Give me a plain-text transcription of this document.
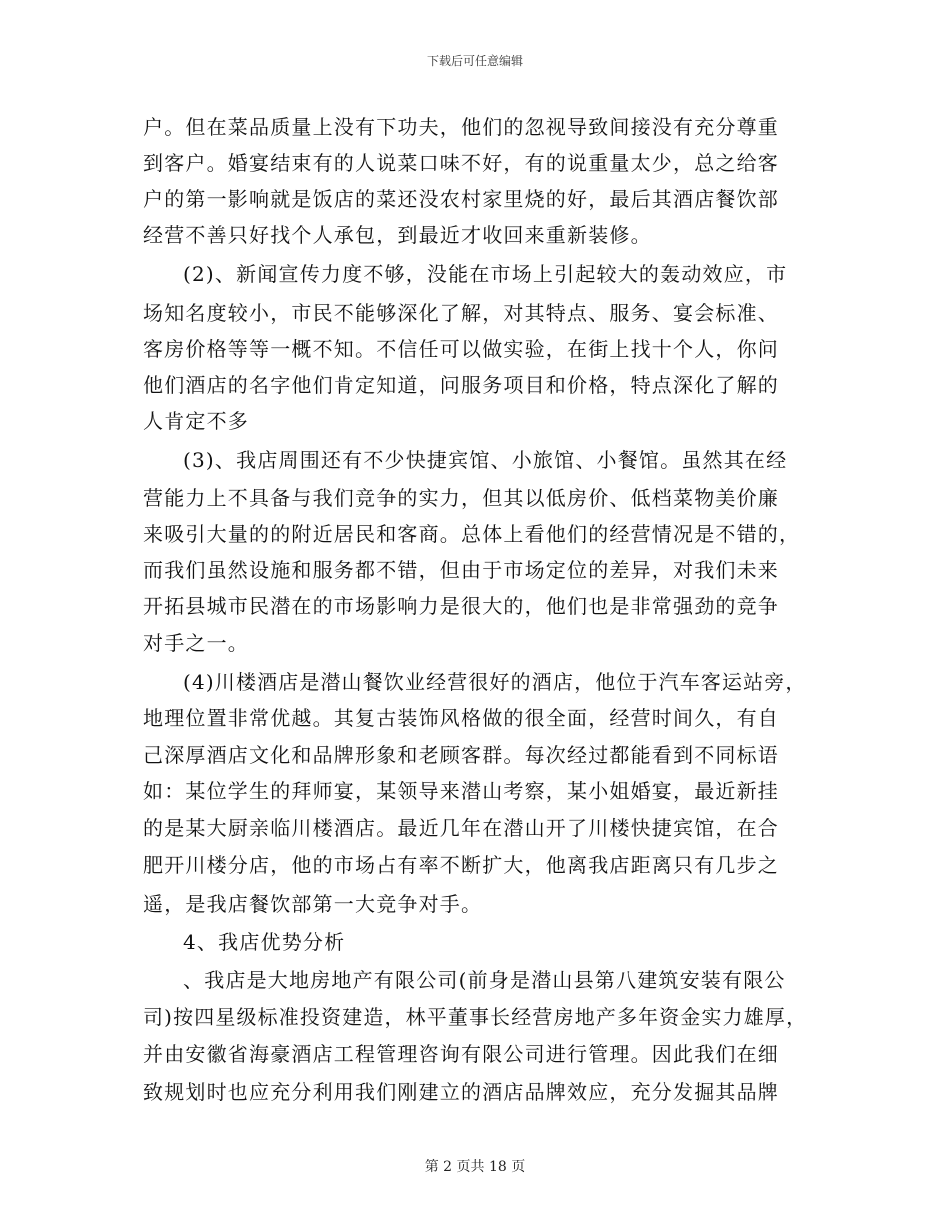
下载后可任意编辑
户。但在菜品质量上没有下功夫，他们的忽视导致间接没有充分尊重
到客户。婚宴结束有的人说菜口味不好，有的说重量太少，总之给客
户的第一影响就是饭店的菜还没农村家里烧的好，最后其酒店餐饮部
经营不善只好找个人承包，到最近才收回来重新装修。
(2)、新闻宣传力度不够，没能在市场上引起较大的轰动效应，市
场知名度较小，市民不能够深化了解，对其特点、服务、宴会标准、
客房价格等等一概不知。不信任可以做实验，在街上找十个人，你问
他们酒店的名字他们肯定知道，问服务项目和价格，特点深化了解的
人肯定不多
(3)、我店周围还有不少快捷宾馆、小旅馆、小餐馆。虽然其在经
营能力上不具备与我们竞争的实力，但其以低房价、低档菜物美价廉
来吸引大量的的附近居民和客商。总体上看他们的经营情况是不错的，
而我们虽然设施和服务都不错，但由于市场定位的差异，对我们未来
开拓县城市民潜在的市场影响力是很大的，他们也是非常强劲的竞争
对手之一。
(4)川楼酒店是潜山餐饮业经营很好的酒店，他位于汽车客运站旁，
地理位置非常优越。其复古装饰风格做的很全面，经营时间久，有自
己深厚酒店文化和品牌形象和老顾客群。每次经过都能看到不同标语
如：某位学生的拜师宴，某领导来潜山考察，某小姐婚宴，最近新挂
的是某大厨亲临川楼酒店。最近几年在潜山开了川楼快捷宾馆，在合
肥开川楼分店，他的市场占有率不断扩大，他离我店距离只有几步之
遥，是我店餐饮部第一大竞争对手。
4、我店优势分析
、我店是大地房地产有限公司(前身是潜山县第八建筑安装有限公
司)按四星级标准投资建造，林平董事长经营房地产多年资金实力雄厚，
并由安徽省海豪酒店工程管理咨询有限公司进行管理。因此我们在细
致规划时也应充分利用我们刚建立的酒店品牌效应，充分发掘其品牌
第 2 页共 18 页
